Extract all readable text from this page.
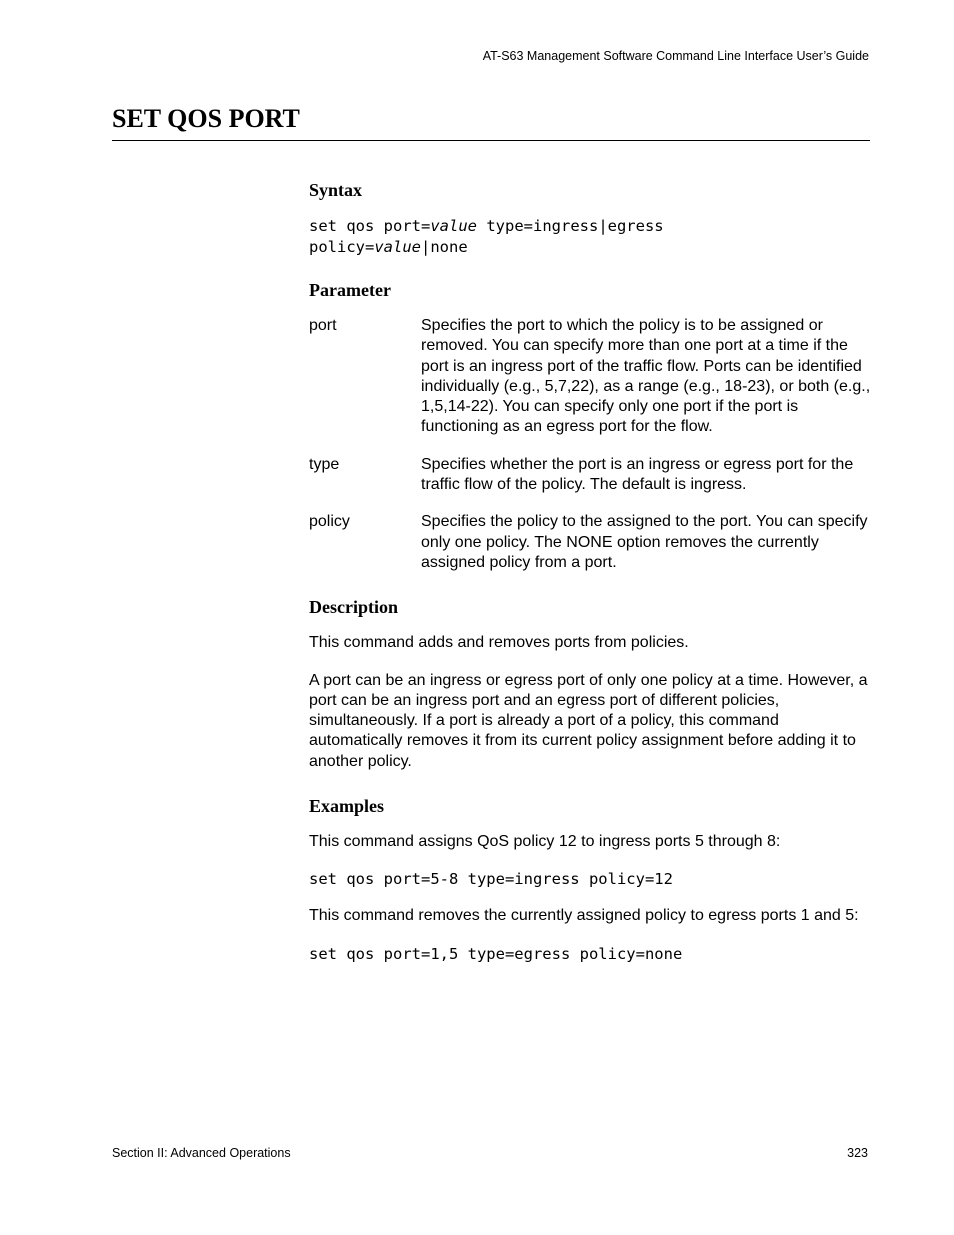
AT-S63 Management Software Command Line Interface User’s Guide
SET QOS PORT
Syntax
set qos port=value type=ingress|egress
policy=value|none
Parameter
port	Specifies the port to which the policy is to be assigned or removed. You can specify more than one port at a time if the port is an ingress port of the traffic flow. Ports can be identified individually (e.g., 5,7,22), as a range (e.g., 18-23), or both (e.g., 1,5,14-22). You can specify only one port if the port is functioning as an egress port for the flow.
type	Specifies whether the port is an ingress or egress port for the traffic flow of the policy. The default is ingress.
policy	Specifies the policy to the assigned to the port. You can specify only one policy. The NONE option removes the currently assigned policy from a port.
Description

This command adds and removes ports from policies.

A port can be an ingress or egress port of only one policy at a time. However, a port can be an ingress port and an egress port of different policies, simultaneously. If a port is already a port of a policy, this command automatically removes it from its current policy assignment before adding it to another policy.

Examples

This command assigns QoS policy 12 to ingress ports 5 through 8:

set qos port=5-8 type=ingress policy=12

This command removes the currently assigned policy to egress ports 1 and 5:

set qos port=1,5 type=egress policy=none
Section II: Advanced Operations	323
